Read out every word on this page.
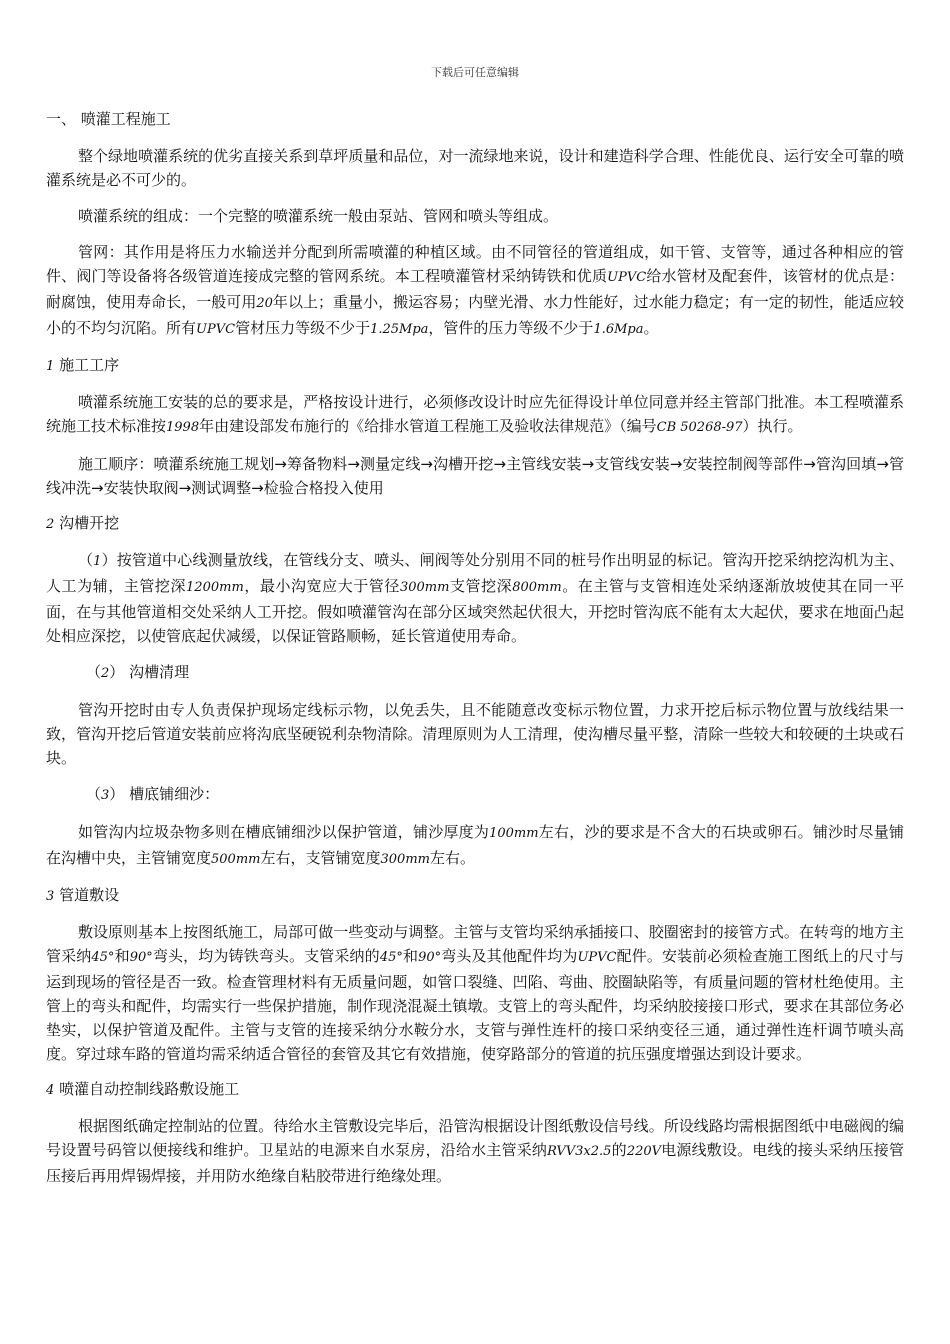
下载后可任意编辑
一、 喷灌工程施工

整个绿地喷灌系统的优劣直接关系到草坪质量和品位，对一流绿地来说，设计和建造科学合理、性能优良、运行安全可靠的喷灌系统是必不可少的。

喷灌系统的组成：一个完整的喷灌系统一般由泵站、管网和喷头等组成。

管网：其作用是将压力水输送并分配到所需喷灌的种植区域。由不同管径的管道组成，如干管、支管等，通过各种相应的管件、阀门等设备将各级管道连接成完整的管网系统。本工程喷灌管材采纳铸铁和优质UPVC给水管材及配套件，该管材的优点是：耐腐蚀，使用寿命长，一般可用20年以上；重量小，搬运容易；内壁光滑、水力性能好，过水能力稳定；有一定的韧性，能适应较小的不均匀沉陷。所有UPVC管材压力等级不少于1.25Mpa，管件的压力等级不少于1.6Mpa。

1 施工工序

喷灌系统施工安装的总的要求是，严格按设计进行，必须修改设计时应先征得设计单位同意并经主管部门批准。本工程喷灌系统施工技术标准按1998年由建设部发布施行的《给排水管道工程施工及验收法律规范》（编号CB 50268-97）执行。

施工顺序：喷灌系统施工规划→筹备物料→测量定线→沟槽开挖→主管线安装→支管线安装→安装控制阀等部件→管沟回填→管线冲洗→安装快取阀→测试调整→检验合格投入使用

2 沟槽开挖

（1）按管道中心线测量放线，在管线分支、喷头、闸阀等处分别用不同的桩号作出明显的标记。管沟开挖采纳挖沟机为主、人工为辅，主管挖深1200mm，最小沟宽应大于管径300mm支管挖深800mm。在主管与支管相连处采纳逐渐放坡使其在同一平面，在与其他管道相交处采纳人工开挖。假如喷灌管沟在部分区域突然起伏很大，开挖时管沟底不能有太大起伏，要求在地面凸起处相应深挖，以使管底起伏减缓，以保证管路顺畅，延长管道使用寿命。

（2） 沟槽清理

管沟开挖时由专人负责保护现场定线标示物，以免丢失，且不能随意改变标示物位置，力求开挖后标示物位置与放线结果一致，管沟开挖后管道安装前应将沟底坚硬锐利杂物清除。清理原则为人工清理，使沟槽尽量平整，清除一些较大和较硬的土块或石块。

（3） 槽底铺细沙：

如管沟内垃圾杂物多则在槽底铺细沙以保护管道，铺沙厚度为100mm左右，沙的要求是不含大的石块或卵石。铺沙时尽量铺在沟槽中央，主管铺宽度500mm左右，支管铺宽度300mm左右。

3 管道敷设

敷设原则基本上按图纸施工，局部可做一些变动与调整。主管与支管均采纳承插接口、胶圈密封的接管方式。在转弯的地方主管采纳45°和90°弯头，均为铸铁弯头。支管采纳的45°和90°弯头及其他配件均为UPVC配件。安装前必须检查施工图纸上的尺寸与运到现场的管径是否一致。检查管理材料有无质量问题，如管口裂缝、凹陷、弯曲、胶圈缺陷等，有质量问题的管材杜绝使用。主管上的弯头和配件，均需实行一些保护措施，制作现浇混凝土镇墩。支管上的弯头配件，均采纳胶接接口形式，要求在其部位务必垫实，以保护管道及配件。主管与支管的连接采纳分水鞍分水，支管与弹性连杆的接口采纳变径三通，通过弹性连杆调节喷头高度。穿过球车路的管道均需采纳适合管径的套管及其它有效措施，使穿路部分的管道的抗压强度增强达到设计要求。

4 喷灌自动控制线路敷设施工

根据图纸确定控制站的位置。待给水主管敷设完毕后，沿管沟根据设计图纸敷设信号线。所设线路均需根据图纸中电磁阀的编号设置号码管以便接线和维护。卫星站的电源来自水泵房，沿给水主管采纳RVV3x2.5的220V电源线敷设。电线的接头采纳压接管压接后再用焊锡焊接，并用防水绝缘自粘胶带进行绝缘处理。
